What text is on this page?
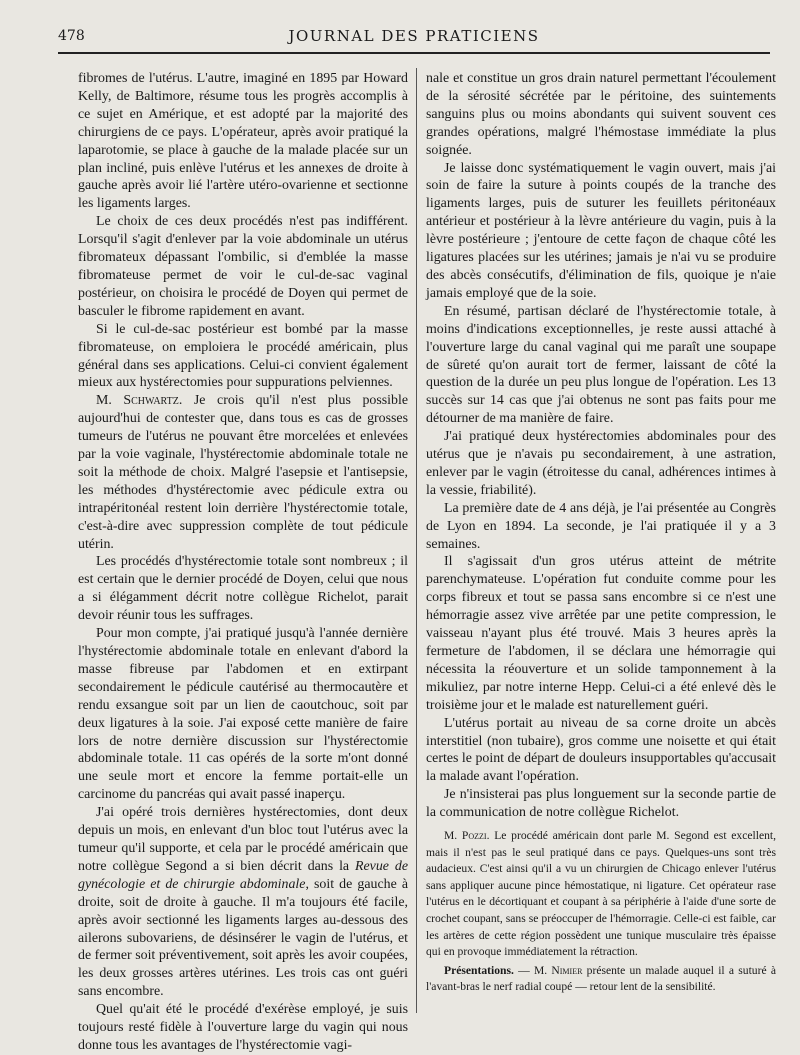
478	JOURNAL DES PRATICIENS

fibromes de l'utérus. L'autre, imaginé en 1895 par Howard Kelly, de Baltimore, résume tous les progrès accomplis à ce sujet en Amérique, et est adopté par la majorité des chirurgiens de ce pays. L'opérateur, après avoir pratiqué la laparotomie, se place à gauche de la malade placée sur un plan incliné, puis enlève l'utérus et les annexes de droite à gauche après avoir lié l'artère utéro-ovarienne et sectionne les ligaments larges.

Le choix de ces deux procédés n'est pas indifférent. Lorsqu'il s'agit d'enlever par la voie abdominale un utérus fibromateux dépassant l'ombilic, si d'emblée la masse fibromateuse permet de voir le cul-de-sac vaginal postérieur, on choisira le procédé de Doyen qui permet de basculer le fibrome rapidement en avant.

Si le cul-de-sac postérieur est bombé par la masse fibromateuse, on emploiera le procédé américain, plus général dans ses applications. Celui-ci convient également mieux aux hystérectomies pour suppurations pelviennes.

M. Schwartz. Je crois qu'il n'est plus possible aujourd'hui de contester que, dans tous es cas de grosses tumeurs de l'utérus ne pouvant être morcelées et enlevées par la voie vaginale, l'hystérectomie abdominale totale ne soit la méthode de choix. Malgré l'asepsie et l'antisepsie, les méthodes d'hystérectomie avec pédicule extra ou intrapéritonéal restent loin derrière l'hystérectomie totale, c'est-à-dire avec suppression complète de tout pédicule utérin.

Les procédés d'hystérectomie totale sont nombreux ; il est certain que le dernier procédé de Doyen, celui que nous a si élégamment décrit notre collègue Richelot, parait devoir réunir tous les suffrages.

Pour mon compte, j'ai pratiqué jusqu'à l'année dernière l'hystérectomie abdominale totale en enlevant d'abord la masse fibreuse par l'abdomen et en extirpant secondairement le pédicule cautérisé au thermocautère et rendu exsangue soit par un lien de caoutchouc, soit par deux ligatures à la soie. J'ai exposé cette manière de faire lors de notre dernière discussion sur l'hystérectomie abdominale totale. 11 cas opérés de la sorte m'ont donné une seule mort et encore la femme portait-elle un carcinome du pancréas qui avait passé inaperçu.

J'ai opéré trois dernières hystérectomies, dont deux depuis un mois, en enlevant d'un bloc tout l'utérus avec la tumeur qu'il supporte, et cela par le procédé américain que notre collègue Segond a si bien décrit dans la Revue de gynécologie et de chirurgie abdominale, soit de gauche à droite, soit de droite à gauche. Il m'a toujours été facile, après avoir sectionné les ligaments larges au-dessous des ailerons subovariens, de désinsérer le vagin de l'utérus, et de fermer soit préventivement, soit après les avoir coupées, les deux grosses artères utérines. Les trois cas ont guéri sans encombre.

Quel qu'ait été le procédé d'exérèse employé, je suis toujours resté fidèle à l'ouverture large du vagin qui nous donne tous les avantages de l'hystérectomie vagi-

nale et constitue un gros drain naturel permettant l'écoulement de la sérosité sécrétée par le péritoine, des suintements sanguins plus ou moins abondants qui suivent souvent ces grandes opérations, malgré l'hémostase immédiate la plus soignée.

Je laisse donc systématiquement le vagin ouvert, mais j'ai soin de faire la suture à points coupés de la tranche des ligaments larges, puis de suturer les feuillets péritonéaux antérieur et postérieur à la lèvre antérieure du vagin, puis à la lèvre postérieure ; j'entoure de cette façon de chaque côté les ligatures placées sur les utérines; jamais je n'ai vu se produire des abcès consécutifs, d'élimination de fils, quoique je n'aie jamais employé que de la soie.

En résumé, partisan déclaré de l'hystérectomie totale, à moins d'indications exceptionnelles, je reste aussi attaché à l'ouverture large du canal vaginal qui me paraît une soupape de sûreté qu'on aurait tort de fermer, laissant de côté la question de la durée un peu plus longue de l'opération. Les 13 succès sur 14 cas que j'ai obtenus ne sont pas faits pour me détourner de ma manière de faire.

J'ai pratiqué deux hystérectomies abdominales pour des utérus que je n'avais pu secondairement, à une astration, enlever par le vagin (étroitesse du canal, adhérences intimes à la vessie, friabilité).

La première date de 4 ans déjà, je l'ai présentée au Congrès de Lyon en 1894. La seconde, je l'ai pratiquée il y a 3 semaines.

Il s'agissait d'un gros utérus atteint de métrite parenchymateuse. L'opération fut conduite comme pour les corps fibreux et tout se passa sans encombre si ce n'est une hémorragie assez vive arrêtée par une petite compression, le vaisseau n'ayant plus été trouvé. Mais 3 heures après la fermeture de l'abdomen, il se déclara une hémorragie qui nécessita la réouverture et un solide tamponnement à la mikuliez, par notre interne Hepp. Celui-ci a été enlevé dès le troisième jour et le malade est naturellement guéri.

L'utérus portait au niveau de sa corne droite un abcès interstitiel (non tubaire), gros comme une noisette et qui était certes le point de départ de douleurs insupportables qu'accusait la malade avant l'opération.

Je n'insisterai pas plus longuement sur la seconde partie de la communication de notre collègue Richelot.

M. Pozzi. Le procédé américain dont parle M. Segond est excellent, mais il n'est pas le seul pratiqué dans ce pays. Quelques-uns sont très audacieux. C'est ainsi qu'il a vu un chirurgien de Chicago enlever l'utérus sans appliquer aucune pince hémostatique, ni ligature. Cet opérateur rase l'utérus en le décortiquant et coupant à sa périphérie à l'aide d'une sorte de crochet coupant, sans se préoccuper de l'hémorragie. Celle-ci est faible, car les artères de cette région possèdent une tunique musculaire très épaisse qui en provoque immédiatement la rétraction.

Présentations. — M. Nimier présente un malade auquel il a suturé à l'avant-bras le nerf radial coupé — retour lent de la sensibilité.
